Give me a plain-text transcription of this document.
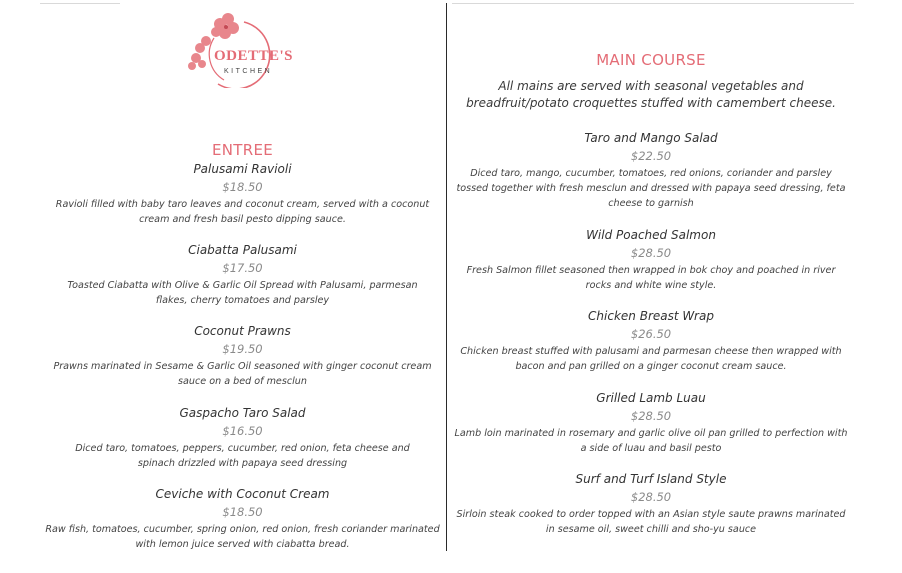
ODETTE'S
KITCHEN
ENTREE
Palusami Ravioli
$18.50
Ravioli filled with baby taro leaves and coconut cream, served with a coconut cream and fresh basil pesto dipping sauce.
Ciabatta Palusami
$17.50
Toasted Ciabatta with Olive & Garlic Oil Spread with Palusami, parmesan flakes, cherry tomatoes and parsley
Coconut Prawns
$19.50
Prawns marinated in Sesame & Garlic Oil seasoned with ginger coconut cream sauce on a bed of mesclun
Gaspacho Taro Salad
$16.50
Diced taro, tomatoes, peppers, cucumber, red onion, feta cheese and spinach drizzled with papaya seed dressing
Ceviche with Coconut Cream
$18.50
Raw fish, tomatoes, cucumber, spring onion, red onion, fresh coriander marinated with lemon juice served with ciabatta bread.
MAIN COURSE
All mains are served with seasonal vegetables and breadfruit/potato croquettes stuffed with camembert cheese.
Taro and Mango Salad
$22.50
Diced taro, mango, cucumber, tomatoes, red onions, coriander and parsley tossed together with fresh mesclun and dressed with papaya seed dressing, feta cheese to garnish
Wild Poached Salmon
$28.50
Fresh Salmon fillet seasoned then wrapped in bok choy and poached in river rocks and white wine style.
Chicken Breast Wrap
$26.50
Chicken breast stuffed with palusami and parmesan cheese then wrapped with bacon and pan grilled on a ginger coconut cream sauce.
Grilled Lamb Luau
$28.50
Lamb loin marinated in rosemary and garlic olive oil pan grilled to perfection with a side of luau and basil pesto
Surf and Turf Island Style
$28.50
Sirloin steak cooked to order topped with an Asian style saute prawns marinated in sesame oil, sweet chilli and sho-yu sauce
